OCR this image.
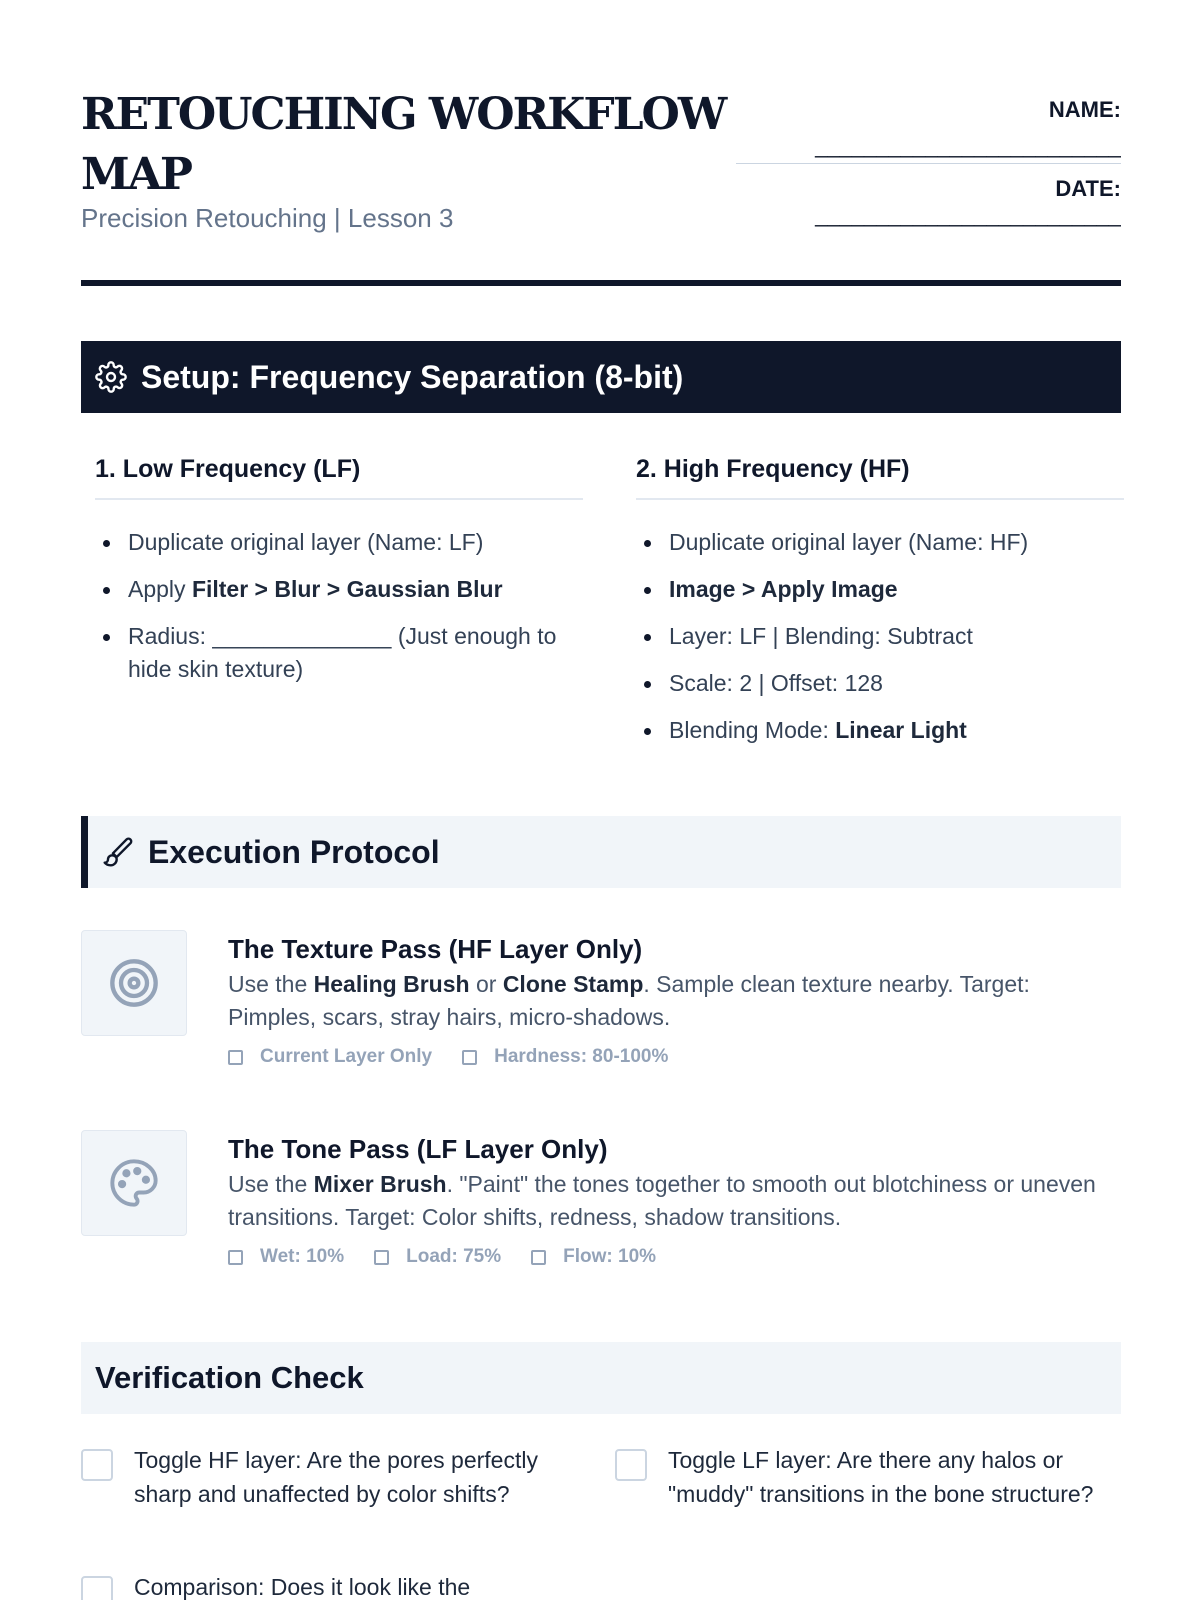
RETOUCHING WORKFLOW MAP
Precision Retouching | Lesson 3
NAME:
_________________________
DATE:
_________________________
Setup: Frequency Separation (8-bit)
1. Low Frequency (LF)
Duplicate original layer (Name: LF)
Apply Filter > Blur > Gaussian Blur
Radius: ______________ (Just enough to hide skin texture)
2. High Frequency (HF)
Duplicate original layer (Name: HF)
Image > Apply Image
Layer: LF | Blending: Subtract
Scale: 2 | Offset: 128
Blending Mode: Linear Light
Execution Protocol
The Texture Pass (HF Layer Only)
Use the Healing Brush or Clone Stamp. Sample clean texture nearby. Target: Pimples, scars, stray hairs, micro-shadows.
Current Layer Only	Hardness: 80-100%
The Tone Pass (LF Layer Only)
Use the Mixer Brush. "Paint" the tones together to smooth out blotchiness or uneven transitions. Target: Color shifts, redness, shadow transitions.
Wet: 10%	Load: 75%	Flow: 10%
Verification Check
Toggle HF layer: Are the pores perfectly sharp and unaffected by color shifts?
Toggle LF layer: Are there any halos or "muddy" transitions in the bone structure?
Comparison: Does it look like the
